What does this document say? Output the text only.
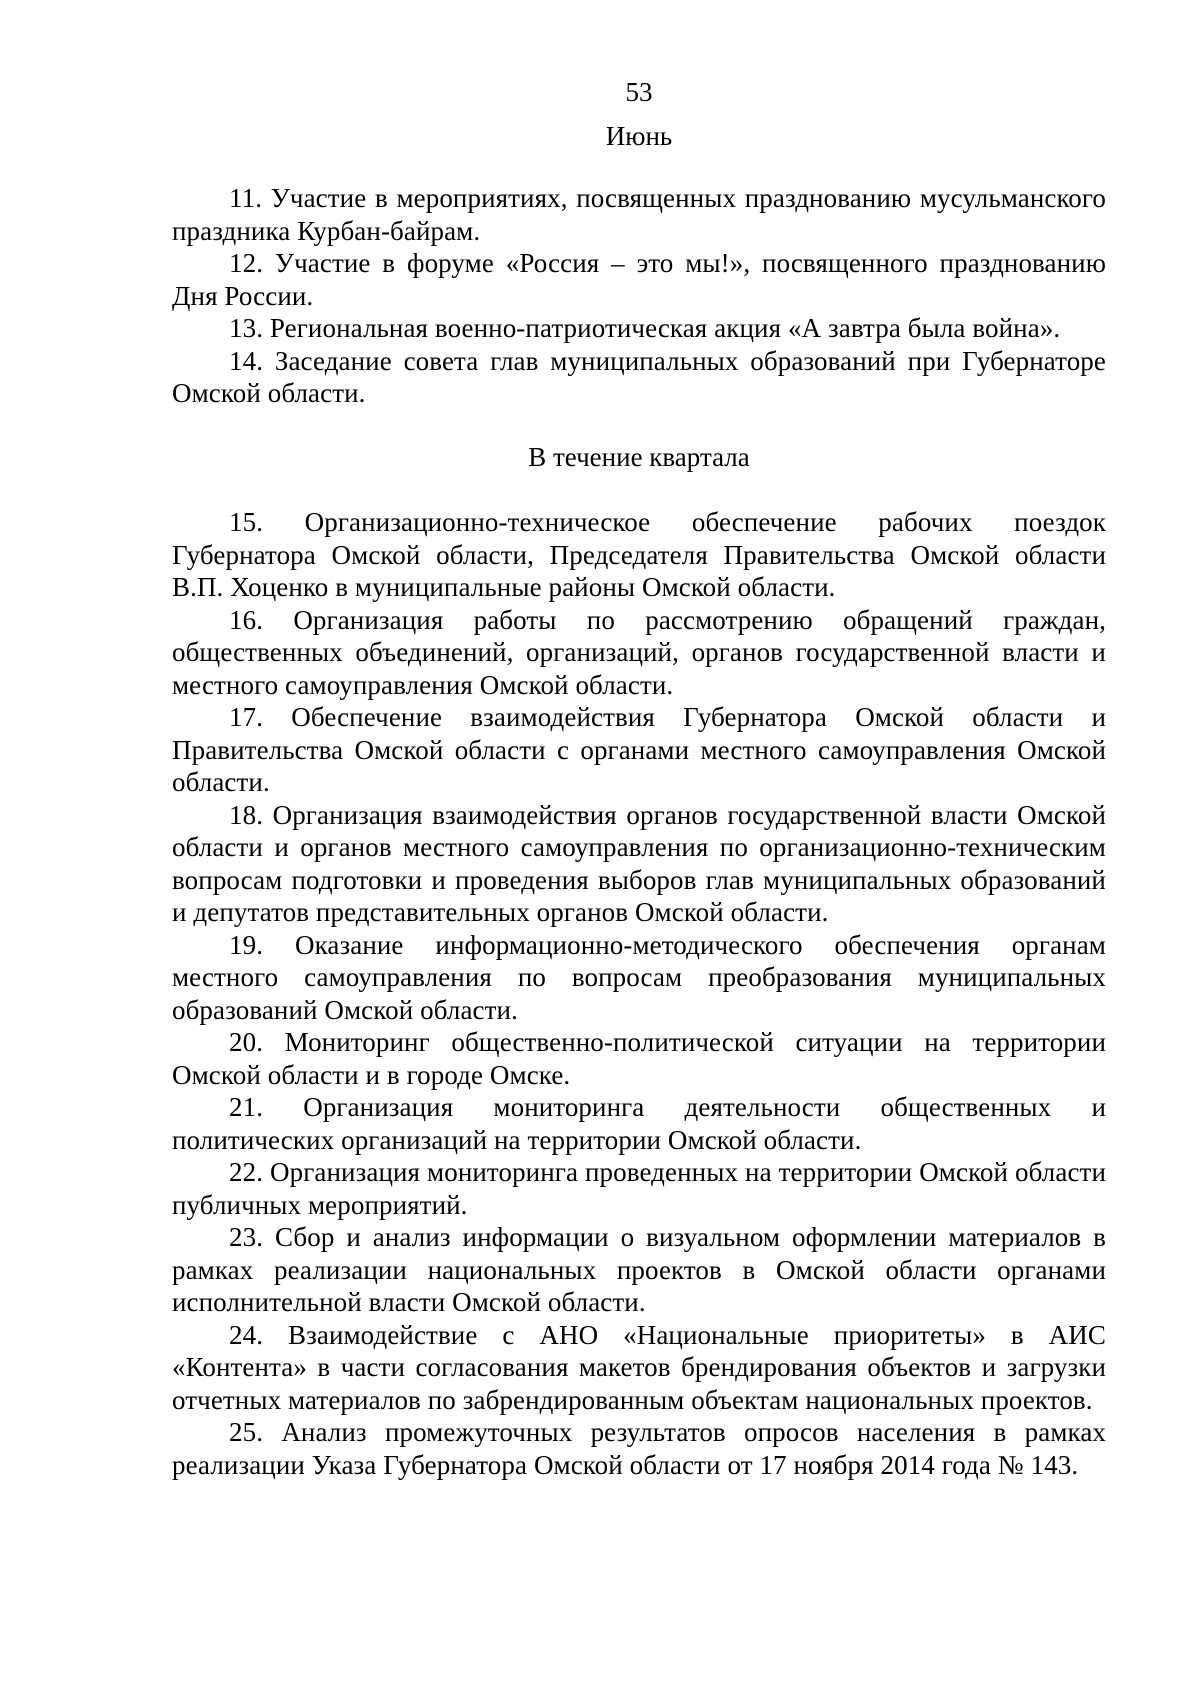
53
Июнь

11. Участие в мероприятиях, посвященных празднованию мусульманского праздника Курбан-байрам.

12. Участие в форуме «Россия – это мы!», посвященного празднованию Дня России.

13. Региональная военно-патриотическая акция «А завтра была война».

14. Заседание совета глав муниципальных образований при Губернаторе Омской области.

В течение квартала

15. Организационно-техническое обеспечение рабочих поездок Губернатора Омской области, Председателя Правительства Омской области В.П. Хоценко в муниципальные районы Омской области.

16. Организация работы по рассмотрению обращений граждан, общественных объединений, организаций, органов государственной власти и местного самоуправления Омской области.

17. Обеспечение взаимодействия Губернатора Омской области и Правительства Омской области с органами местного самоуправления Омской области.

18. Организация взаимодействия органов государственной власти Омской области и органов местного самоуправления по организационно-техническим вопросам подготовки и проведения выборов глав муниципальных образований и депутатов представительных органов Омской области.

19. Оказание информационно-методического обеспечения органам местного самоуправления по вопросам преобразования муниципальных образований Омской области.

20. Мониторинг общественно-политической ситуации на территории Омской области и в городе Омске.

21. Организация мониторинга деятельности общественных и политических организаций на территории Омской области.

22. Организация мониторинга проведенных на территории Омской области публичных мероприятий.

23. Сбор и анализ информации о визуальном оформлении материалов в рамках реализации национальных проектов в Омской области органами исполнительной власти Омской области.

24. Взаимодействие с АНО «Национальные приоритеты» в АИС «Контента» в части согласования макетов брендирования объектов и загрузки отчетных материалов по забрендированным объектам национальных проектов.

25. Анализ промежуточных результатов опросов населения в рамках реализации Указа Губернатора Омской области от 17 ноября 2014 года № 143.
